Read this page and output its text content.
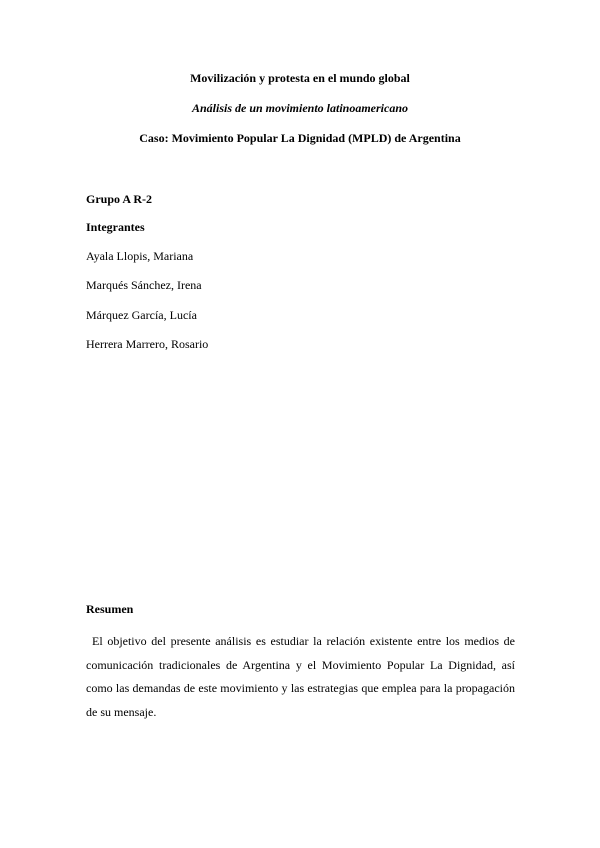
Movilización y protesta en el mundo global
Análisis de un movimiento latinoamericano
Caso: Movimiento Popular La Dignidad (MPLD) de Argentina
Grupo A R-2
Integrantes
Ayala Llopis, Mariana
Marqués Sánchez, Irena
Márquez García, Lucía
Herrera Marrero, Rosario
Resumen

El objetivo del presente análisis es estudiar la relación existente entre los medios de comunicación tradicionales de Argentina y el Movimiento Popular La Dignidad, así como las demandas de este movimiento y las estrategias que emplea para la propagación de su mensaje.
